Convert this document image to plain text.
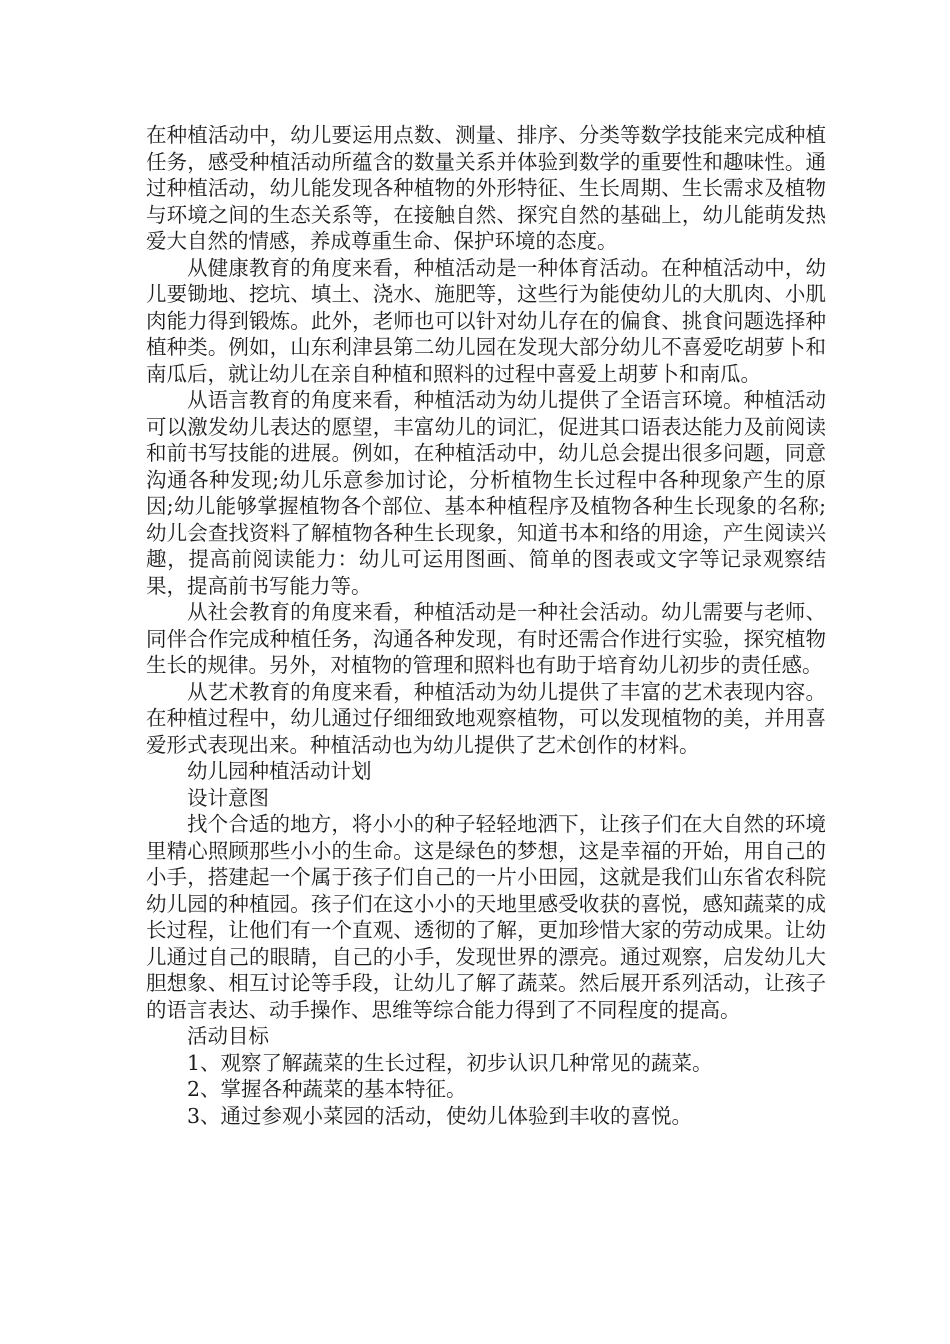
在种植活动中，幼儿要运用点数、测量、排序、分类等数学技能来完成种植任务，感受种植活动所蕴含的数量关系并体验到数学的重要性和趣味性。通过种植活动，幼儿能发现各种植物的外形特征、生长周期、生长需求及植物与环境之间的生态关系等，在接触自然、探究自然的基础上，幼儿能萌发热爱大自然的情感，养成尊重生命、保护环境的态度。

从健康教育的角度来看，种植活动是一种体育活动。在种植活动中，幼儿要锄地、挖坑、填土、浇水、施肥等，这些行为能使幼儿的大肌肉、小肌肉能力得到锻炼。此外，老师也可以针对幼儿存在的偏食、挑食问题选择种植种类。例如，山东利津县第二幼儿园在发现大部分幼儿不喜爱吃胡萝卜和南瓜后，就让幼儿在亲自种植和照料的过程中喜爱上胡萝卜和南瓜。

从语言教育的角度来看，种植活动为幼儿提供了全语言环境。种植活动可以激发幼儿表达的愿望，丰富幼儿的词汇，促进其口语表达能力及前阅读和前书写技能的进展。例如，在种植活动中，幼儿总会提出很多问题，同意沟通各种发现;幼儿乐意参加讨论，分析植物生长过程中各种现象产生的原因;幼儿能够掌握植物各个部位、基本种植程序及植物各种生长现象的名称;幼儿会查找资料了解植物各种生长现象，知道书本和络的用途，产生阅读兴趣，提高前阅读能力：幼儿可运用图画、简单的图表或文字等记录观察结果，提高前书写能力等。

从社会教育的角度来看，种植活动是一种社会活动。幼儿需要与老师、同伴合作完成种植任务，沟通各种发现，有时还需合作进行实验，探究植物生长的规律。另外，对植物的管理和照料也有助于培育幼儿初步的责任感。

从艺术教育的角度来看，种植活动为幼儿提供了丰富的艺术表现内容。在种植过程中，幼儿通过仔细细致地观察植物，可以发现植物的美，并用喜爱形式表现出来。种植活动也为幼儿提供了艺术创作的材料。

幼儿园种植活动计划

设计意图

找个合适的地方，将小小的种子轻轻地洒下，让孩子们在大自然的环境里精心照顾那些小小的生命。这是绿色的梦想，这是幸福的开始，用自己的小手，搭建起一个属于孩子们自己的一片小田园，这就是我们山东省农科院幼儿园的种植园。孩子们在这小小的天地里感受收获的喜悦，感知蔬菜的成长过程，让他们有一个直观、透彻的了解，更加珍惜大家的劳动成果。让幼儿通过自己的眼睛，自己的小手，发现世界的漂亮。通过观察，启发幼儿大胆想象、相互讨论等手段，让幼儿了解了蔬菜。然后展开系列活动，让孩子的语言表达、动手操作、思维等综合能力得到了不同程度的提高。

活动目标

1、观察了解蔬菜的生长过程，初步认识几种常见的蔬菜。

2、掌握各种蔬菜的基本特征。

3、通过参观小菜园的活动，使幼儿体验到丰收的喜悦。
